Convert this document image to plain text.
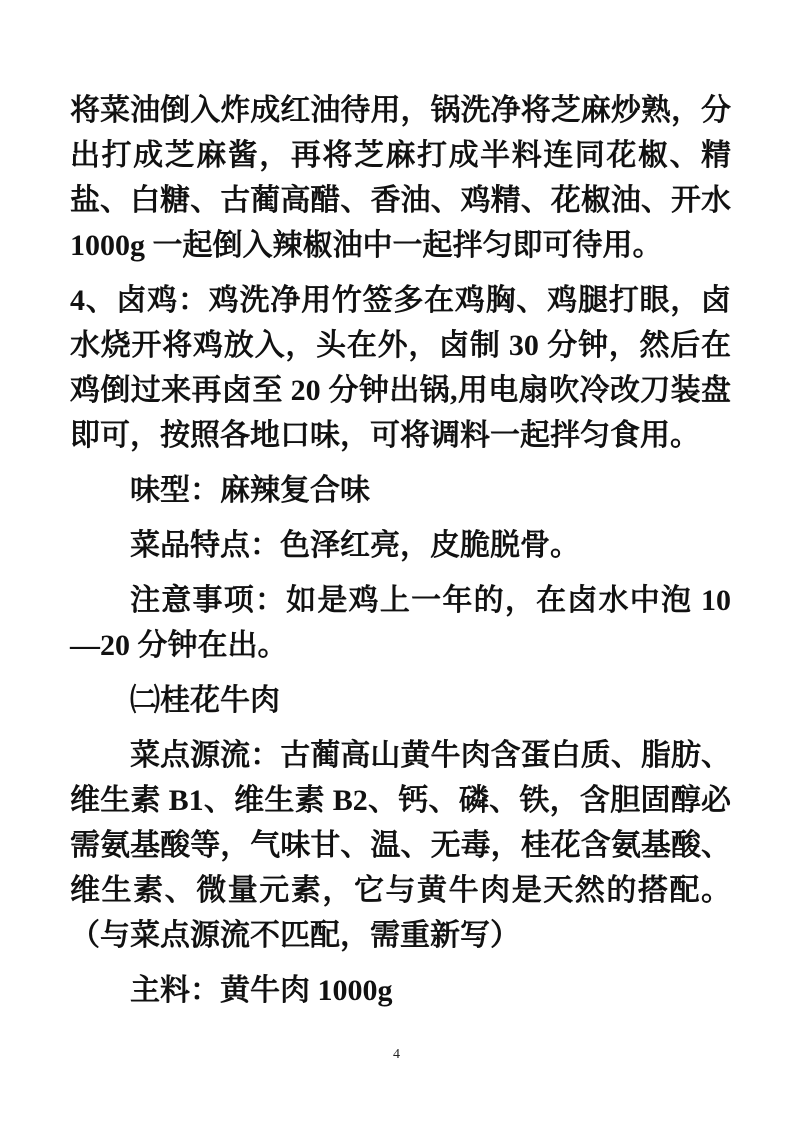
将菜油倒入炸成红油待用，锅洗净将芝麻炒熟，分出打成芝麻酱，再将芝麻打成半料连同花椒、精盐、白糖、古蔺高醋、香油、鸡精、花椒油、开水 1000g 一起倒入辣椒油中一起拌匀即可待用。

4、卤鸡：鸡洗净用竹签多在鸡胸、鸡腿打眼，卤水烧开将鸡放入，头在外，卤制 30 分钟，然后在鸡倒过来再卤至 20 分钟出锅,用电扇吹冷改刀装盘即可，按照各地口味，可将调料一起拌匀食用。

味型：麻辣复合味

菜品特点：色泽红亮，皮脆脱骨。

注意事项：如是鸡上一年的，在卤水中泡 10—20 分钟在出。

㈡桂花牛肉

菜点源流：古蔺高山黄牛肉含蛋白质、脂肪、维生素 B1、维生素 B2、钙、磷、铁，含胆固醇必需氨基酸等，气味甘、温、无毒，桂花含氨基酸、维生素、微量元素，它与黄牛肉是天然的搭配。（与菜点源流不匹配，需重新写）

主料：黄牛肉 1000g

4
